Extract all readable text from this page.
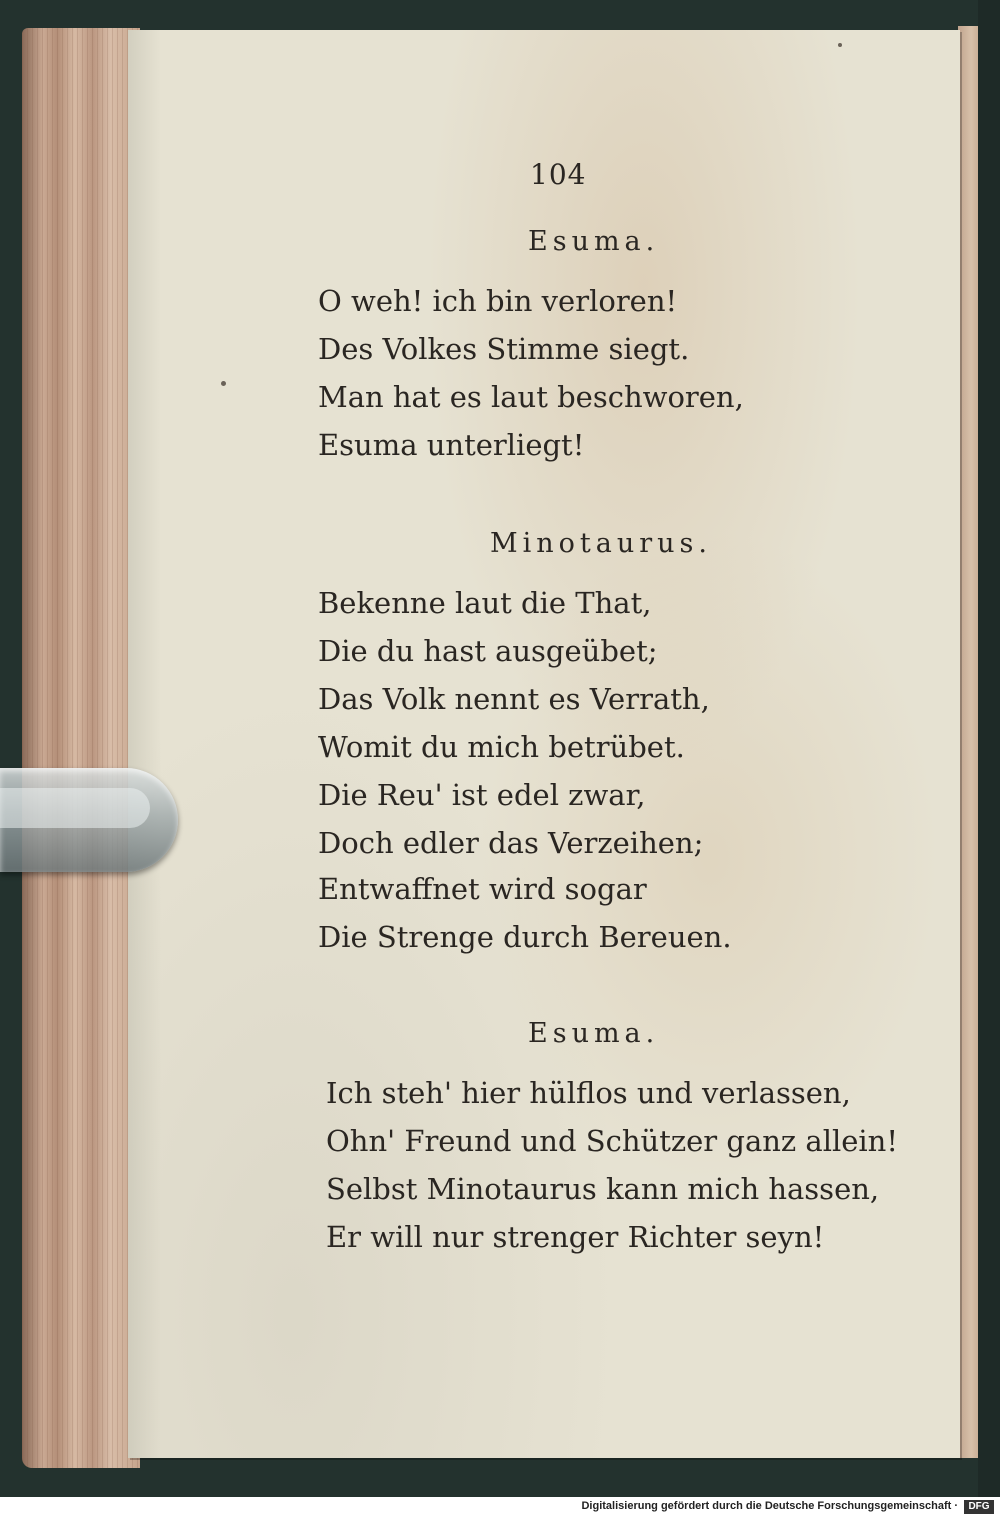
104
Esuma.
O weh! ich bin verloren!
Des Volkes Stimme siegt.
Man hat es laut beschworen,
Esuma unterliegt!
Minotaurus.
Bekenne laut die That,
Die du hast ausgeübet;
Das Volk nennt es Verrath,
Womit du mich betrübet.
Die Reu' ist edel zwar,
Doch edler das Verzeihen;
Entwaffnet wird sogar
Die Strenge durch Bereuen.
Esuma.
Ich steh' hier hülflos und verlassen,
Ohn' Freund und Schützer ganz allein!
Selbst Minotaurus kann mich hassen,
Er will nur strenger Richter seyn!
Digitalisierung gefördert durch die Deutsche Forschungsgemeinschaft ·	DFG
